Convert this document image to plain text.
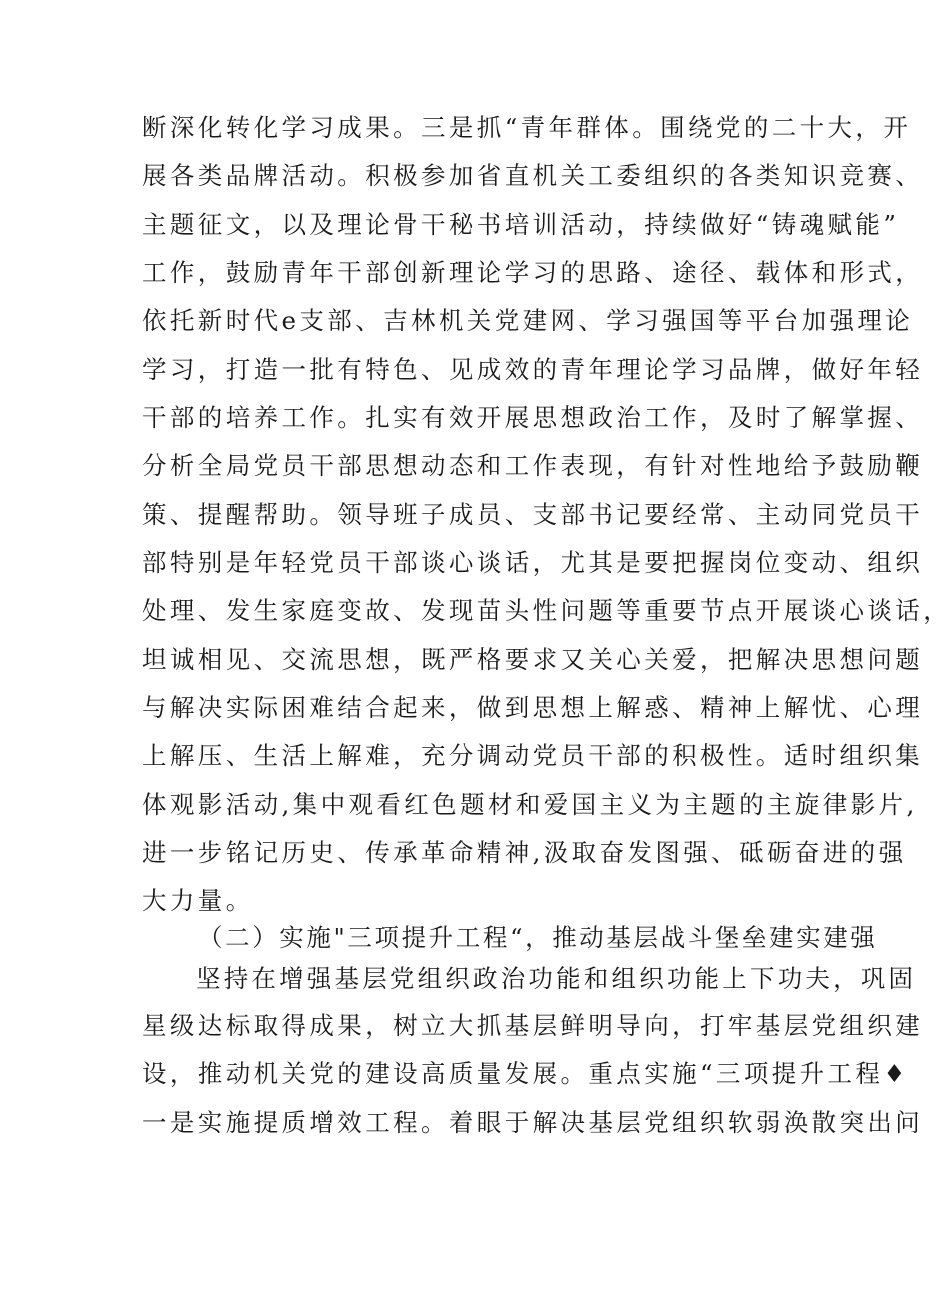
断深化转化学习成果。三是抓“青年群体。围绕党的二十大，开
展各类品牌活动。积极参加省直机关工委组织的各类知识竞赛、
主题征文，以及理论骨干秘书培训活动，持续做好“铸魂赋能”
工作，鼓励青年干部创新理论学习的思路、途径、载体和形式，
依托新时代e支部、吉林机关党建网、学习强国等平台加强理论
学习，打造一批有特色、见成效的青年理论学习品牌，做好年轻
干部的培养工作。扎实有效开展思想政治工作，及时了解掌握、
分析全局党员干部思想动态和工作表现，有针对性地给予鼓励鞭
策、提醒帮助。领导班子成员、支部书记要经常、主动同党员干
部特别是年轻党员干部谈心谈话，尤其是要把握岗位变动、组织
处理、发生家庭变故、发现苗头性问题等重要节点开展谈心谈话，
坦诚相见、交流思想，既严格要求又关心关爱，把解决思想问题
与解决实际困难结合起来，做到思想上解惑、精神上解忧、心理
上解压、生活上解难，充分调动党员干部的积极性。适时组织集
体观影活动,集中观看红色题材和爱国主义为主题的主旋律影片,
进一步铭记历史、传承革命精神,汲取奋发图强、砥砺奋进的强
大力量。
（二）实施"三项提升工程“，推动基层战斗堡垒建实建强
坚持在增强基层党组织政治功能和组织功能上下功夫，巩固
星级达标取得成果，树立大抓基层鲜明导向，打牢基层党组织建
设，推动机关党的建设高质量发展。重点实施“三项提升工程♦
一是实施提质增效工程。着眼于解决基层党组织软弱涣散突出问
